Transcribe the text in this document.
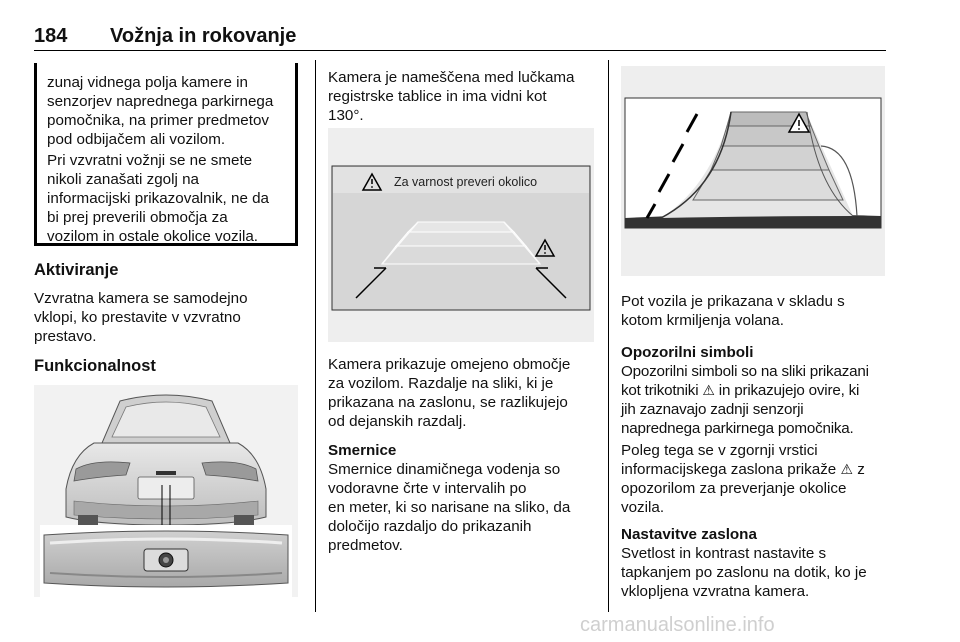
184 Vožnja in rokovanje

zunaj vidnega polja kamere in
senzorjev naprednega parkirnega
pomočnika, na primer predmetov
pod odbijačem ali vozilom.

Pri vzvratni vožnji se ne smete
nikoli zanašati zgolj na
informacijski prikazovalnik, ne da
bi prej preverili območja za
vozilom in ostale okolice vozila.

Aktiviranje

Vzvratna kamera se samodejno
vklopi, ko prestavite v vzvratno
prestavo.

Funkcionalnost

Kamera je nameščena med lučkama
registrske tablice in ima vidni kot
130°.

Za varnost preveri okolico

Kamera prikazuje omejeno območje
za vozilom. Razdalje na sliki, ki je
prikazana na zaslonu, se razlikujejo
od dejanskih razdalj.

Smernice

Smernice dinamičnega vodenja so
vodoravne črte v intervalih po
en meter, ki so narisane na sliko, da
določijo razdaljo do prikazanih
predmetov.

Pot vozila je prikazana v skladu s
kotom krmiljenja volana.

Opozorilni simboli

Opozorilni simboli so na sliki prikazani
kot trikotniki ⚠ in prikazujejo ovire, ki
jih zaznavajo zadnji senzorji
naprednega parkirnega pomočnika.

Poleg tega se v zgornji vrstici
informacijskega zaslona prikaže ⚠ z
opozorilom za preverjanje okolice
vozila.

Nastavitve zaslona

Svetlost in kontrast nastavite s
tapkanjem po zaslonu na dotik, ko je
vklopljena vzvratna kamera.

carmanualsonline.info
